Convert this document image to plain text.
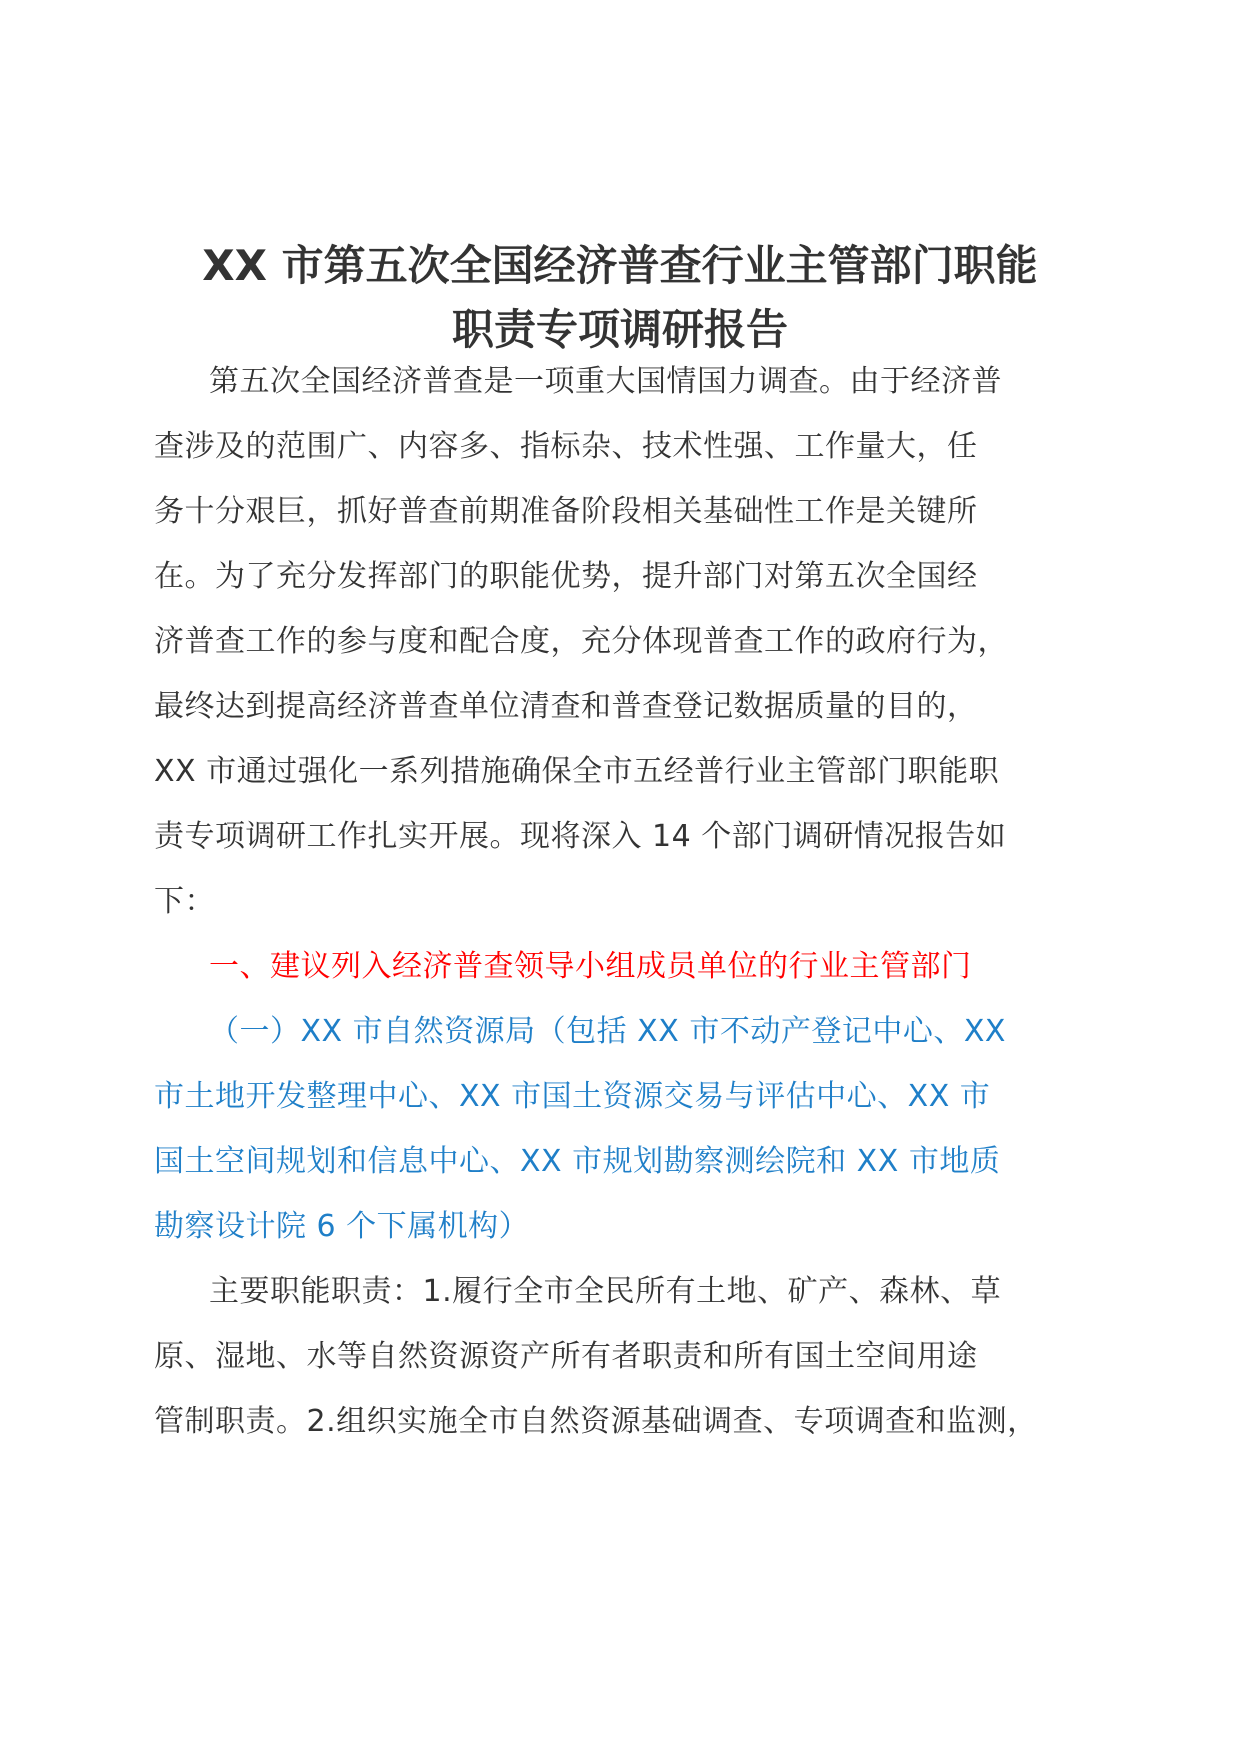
XX 市第五次全国经济普查行业主管部门职能
职责专项调研报告
第五次全国经济普查是一项重大国情国力调查。由于经济普
查涉及的范围广、内容多、指标杂、技术性强、工作量大，任
务十分艰巨，抓好普查前期准备阶段相关基础性工作是关键所
在。为了充分发挥部门的职能优势，提升部门对第五次全国经
济普查工作的参与度和配合度，充分体现普查工作的政府行为，
最终达到提高经济普查单位清查和普查登记数据质量的目的，
XX 市通过强化一系列措施确保全市五经普行业主管部门职能职
责专项调研工作扎实开展。现将深入 14 个部门调研情况报告如
下：
一、建议列入经济普查领导小组成员单位的行业主管部门
（一）XX 市自然资源局（包括 XX 市不动产登记中心、XX
市土地开发整理中心、XX 市国土资源交易与评估中心、XX 市
国土空间规划和信息中心、XX 市规划勘察测绘院和 XX 市地质
勘察设计院 6 个下属机构）
主要职能职责：1.履行全市全民所有土地、矿产、森林、草
原、湿地、水等自然资源资产所有者职责和所有国土空间用途
管制职责。2.组织实施全市自然资源基础调查、专项调查和监测，
